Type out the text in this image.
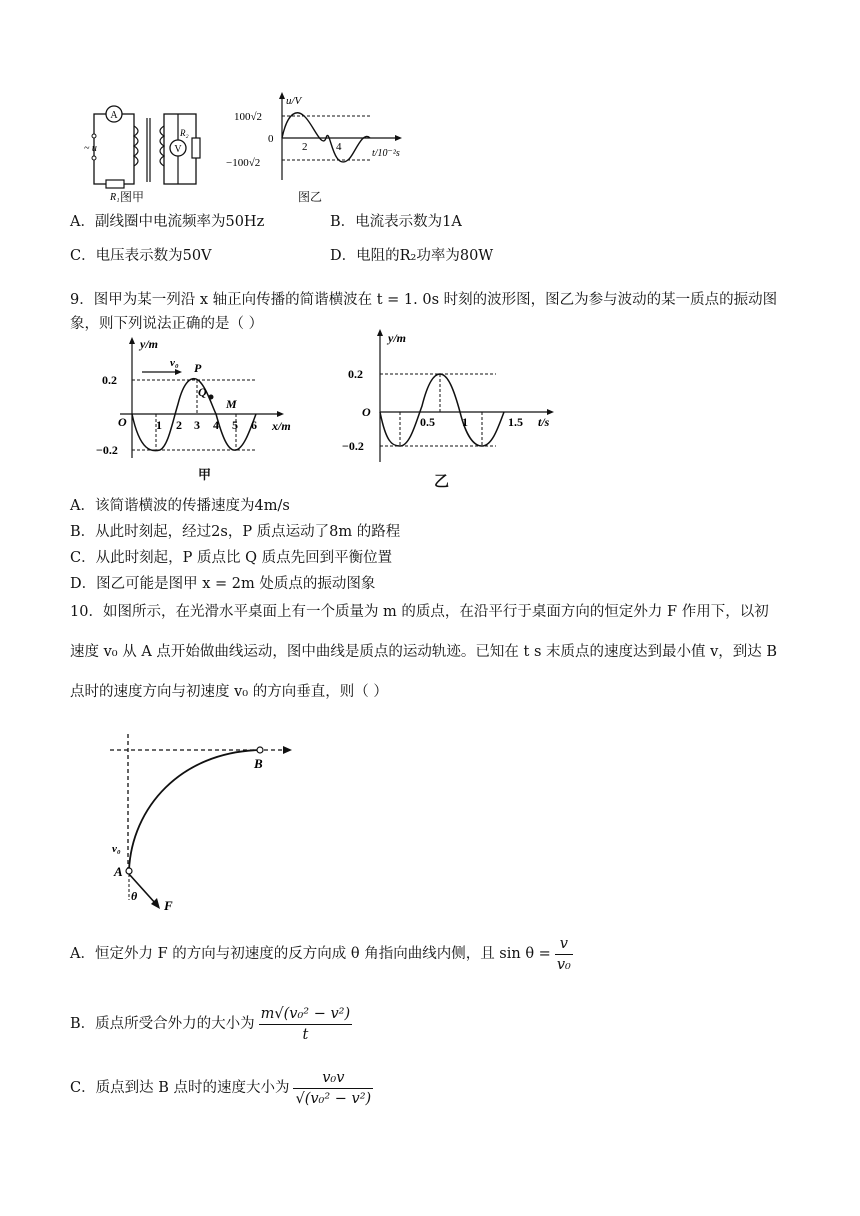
A
~ u
R₁
V
R₂
图甲
u/V
t/10⁻²s
100√2
0
−100√2
2	4
图乙
A．副线圈中电流频率为50Hz	B．电流表示数为1A
C．电压表示数为50V	D．电阻的R₂功率为80W
9．图甲为某一列沿 x 轴正向传播的简谐横波在 t = 1. 0s 时刻的波形图，图乙为参与波动的某一质点的振动图
象，则下列说法正确的是（ ）
y/m
x/m
O
0.2
−0.2
v₀ P
Q
M
1 2 3 4 5 6
甲
y/m
t/s
O
0.2
−0.2
0.5 1	1.5
乙
A．该简谐横波的传播速度为4m/s
B．从此时刻起，经过2s，P 质点运动了8m 的路程
C．从此时刻起，P 质点比 Q 质点先回到平衡位置
D．图乙可能是图甲 x = 2m 处质点的振动图象
10．如图所示，在光滑水平桌面上有一个质量为 m 的质点，在沿平行于桌面方向的恒定外力 F 作用下，以初
速度 v₀ 从 A 点开始做曲线运动，图中曲线是质点的运动轨迹。已知在 t s 末质点的速度达到最小值 v，到达 B
点时的速度方向与初速度 v₀ 的方向垂直，则（ ）
B
v₀
A
θ
F
A．恒定外力 F 的方向与初速度的反方向成 θ 角指向曲线内侧，且 $\sin \theta = \frac{v}{\text{v₀}}$
B．质点所受合外力的大小为 $\frac{\text{m√(v₀² − v²)}}{t}$
C．质点到达 B 点时的速度大小为 $\frac{\text{v₀v}}{\text{√(v₀² − v²)}}$
